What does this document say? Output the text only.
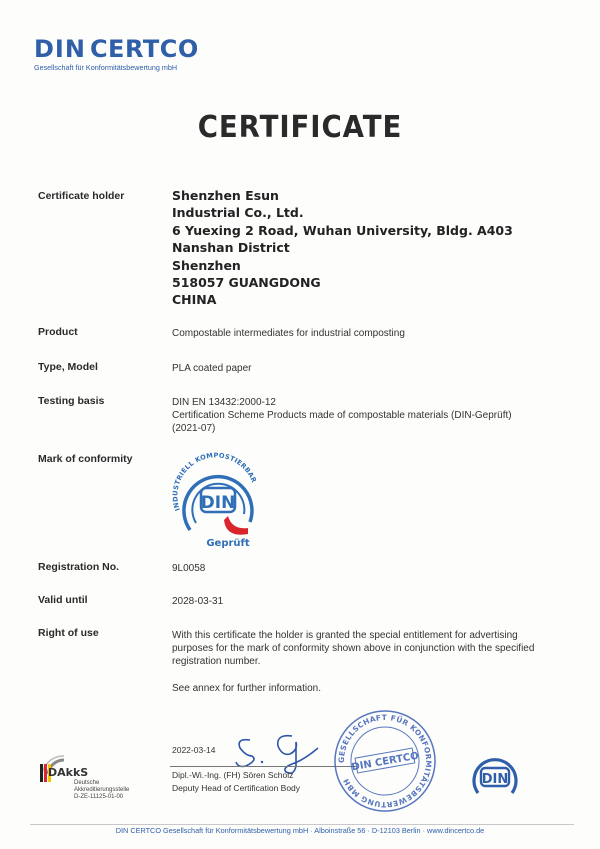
DIN CERTCO
Gesellschaft für Konformitätsbewertung mbH
CERTIFICATE
Certificate holder	Shenzhen Esun
Industrial Co., Ltd.
6 Yuexing 2 Road, Wuhan University, Bldg. A403
Nanshan District
Shenzhen
518057 GUANGDONG
CHINA
Product	Compostable intermediates for industrial composting
Type, Model	PLA coated paper
Testing basis	DIN EN 13432:2000-12
Certification Scheme Products made of compostable materials (DIN-Geprüft)
(2021-07)
Mark of conformity
INDUSTRIELL KOMPOSTIERBAR
DIN
Geprüft
Registration No.	9L0058
Valid until	2028-03-31
Right of use	With this certificate the holder is granted the special entitlement for advertising
purposes for the mark of conformity shown above in conjunction with the specified
registration number.
See annex for further information.
DAkkS
Deutsche
Akkreditierungsstelle
D-ZE-11125-01-00
2022-03-14
Dipl.-Wi.-Ing. (FH) Sören Scholz
Deputy Head of Certification Body
GESELLSCHAFT FÜR KONFORMITÄTSBEWERTUNG MBH
DIN CERTCO
DIN
DIN CERTCO Gesellschaft für Konformitätsbewertung mbH · Alboinstraße 56 · D-12103 Berlin · www.dincertco.de
